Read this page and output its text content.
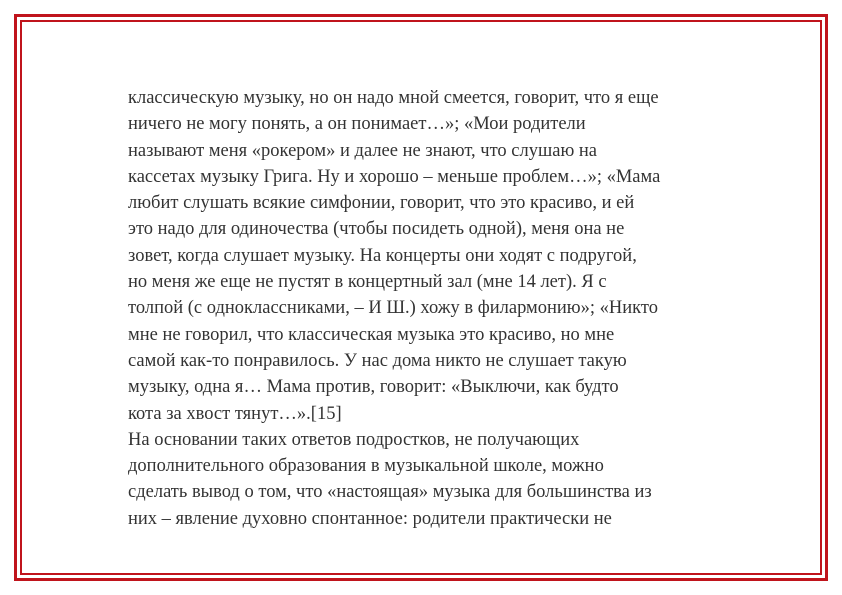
классическую музыку, но он надо мной смеется, говорит, что я еще
ничего не могу понять, а он понимает…»; «Мои родители
называют меня «рокером» и далее не знают, что слушаю на
кассетах музыку Грига. Ну и хорошо – меньше проблем…»; «Мама
любит слушать всякие симфонии, говорит, что это красиво, и ей
это надо для одиночества (чтобы посидеть одной), меня она не
зовет, когда слушает музыку. На концерты они ходят с подругой,
но меня же еще не пустят в концертный зал (мне 14 лет). Я с
толпой (с одноклассниками, – И Ш.) хожу в филармонию»; «Никто
мне не говорил, что классическая музыка это красиво, но мне
самой как-то понравилось. У нас дома никто не слушает такую
музыку, одна я… Мама против, говорит: «Выключи, как будто
кота за хвост тянут…».[15]
На основании таких ответов подростков, не получающих
дополнительного образования в музыкальной школе, можно
сделать вывод о том, что «настоящая» музыка для большинства из
них – явление духовно спонтанное: родители практически не
